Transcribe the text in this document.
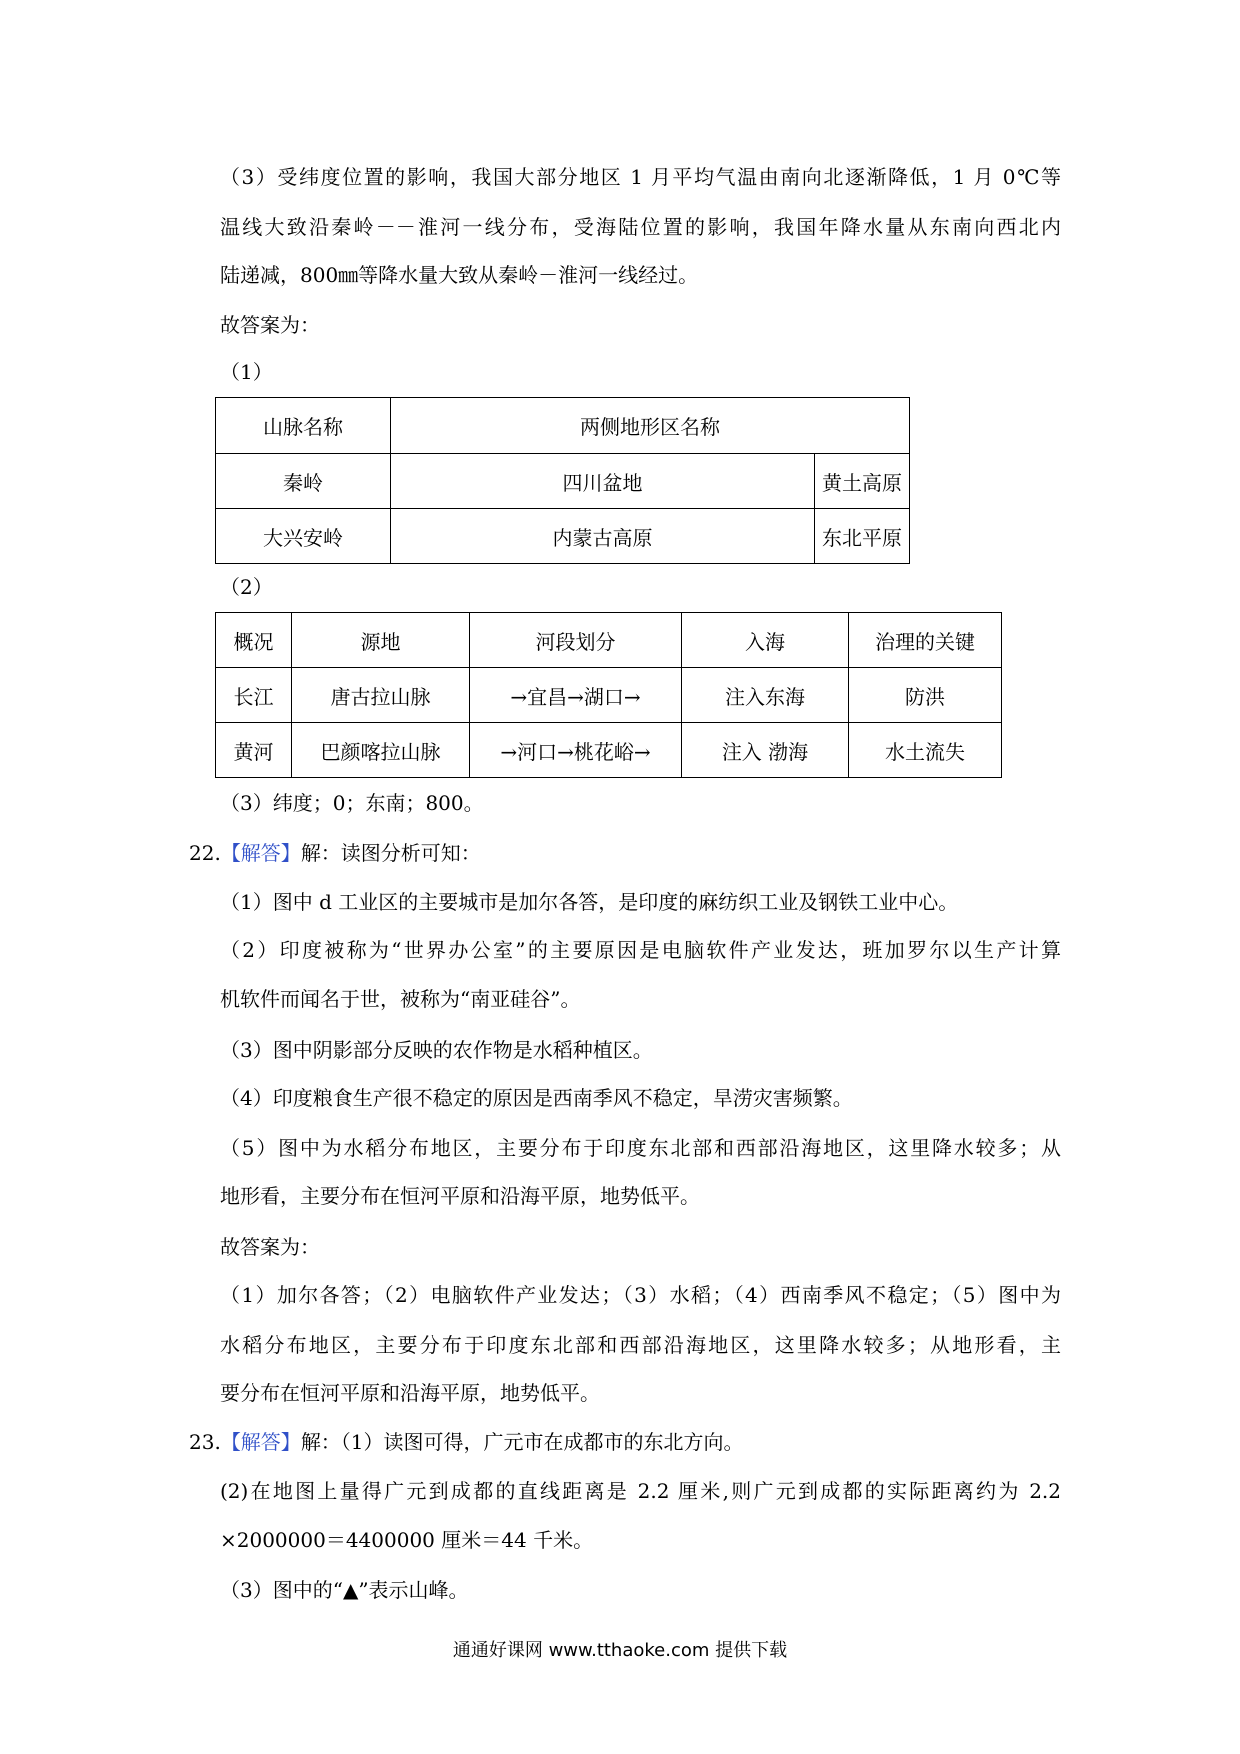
（3）受纬度位置的影响，我国大部分地区 1 月平均气温由南向北逐渐降低，1 月 0℃等
温线大致沿秦岭－－淮河一线分布，受海陆位置的影响，我国年降水量从东南向西北内
陆递减，800㎜等降水量大致从秦岭－淮河一线经过。
故答案为：
（1）
山脉名称	两侧地形区名称	
秦岭	四川盆地	黄土高原
大兴安岭	内蒙古高原	东北平原
（2）
概况	源地	河段划分	入海	治理的关键
长江	唐古拉山脉	→宜昌→湖口→	注入东海	防洪
黄河	巴颜喀拉山脉	→河口→桃花峪→	注入 渤海	水土流失
（3）纬度；0；东南；800。
22.【解答】解：读图分析可知：
（1）图中 d 工业区的主要城市是加尔各答，是印度的麻纺织工业及钢铁工业中心。
（2）印度被称为“世界办公室”的主要原因是电脑软件产业发达，班加罗尔以生产计算
机软件而闻名于世，被称为“南亚硅谷”。
（3）图中阴影部分反映的农作物是水稻种植区。
（4）印度粮食生产很不稳定的原因是西南季风不稳定，旱涝灾害频繁。
（5）图中为水稻分布地区，主要分布于印度东北部和西部沿海地区，这里降水较多；从
地形看，主要分布在恒河平原和沿海平原，地势低平。
故答案为：
（1）加尔各答；（2）电脑软件产业发达；（3）水稻；（4）西南季风不稳定；（5）图中为
水稻分布地区，主要分布于印度东北部和西部沿海地区，这里降水较多；从地形看，主
要分布在恒河平原和沿海平原，地势低平。
23.【解答】解：（1）读图可得，广元市在成都市的东北方向。
(2)在地图上量得广元到成都的直线距离是 2.2 厘米,则广元到成都的实际距离约为 2.2
×2000000＝4400000 厘米＝44 千米。
（3）图中的“▲”表示山峰。
通通好课网 www.tthaoke.com 提供下载
